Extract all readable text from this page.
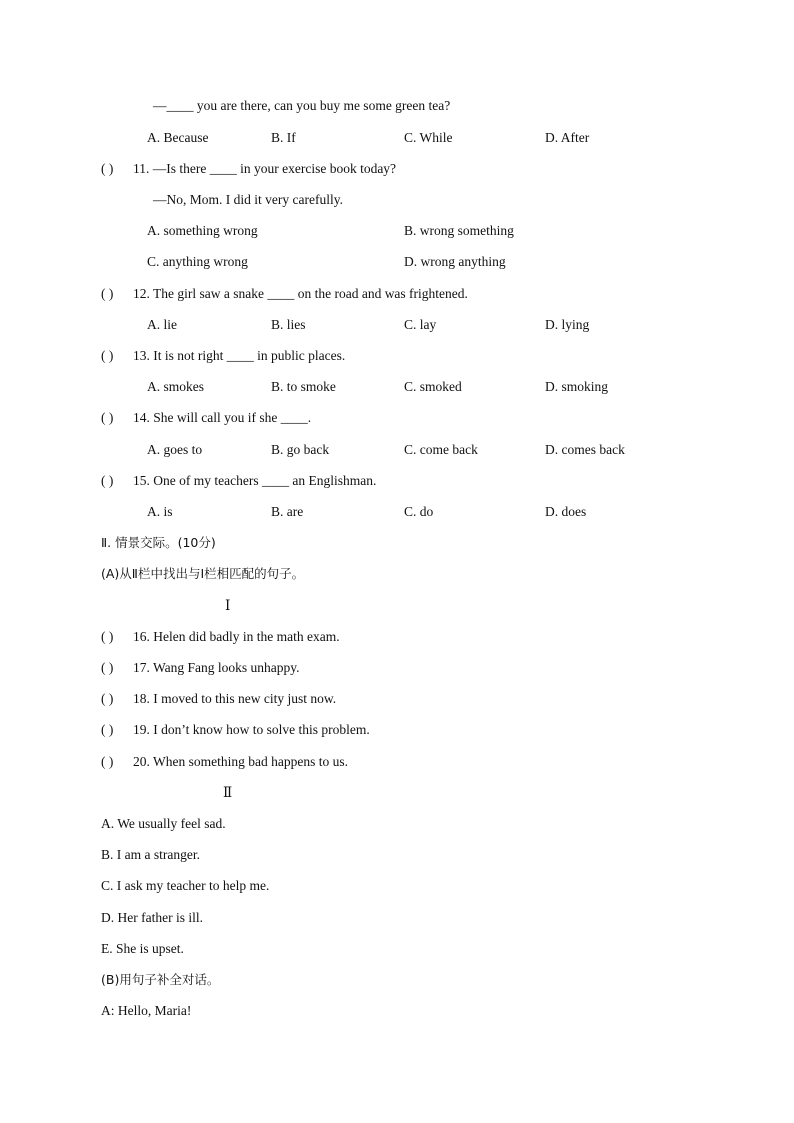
—____ you are there, can you buy me some green tea?
A. Because	B. If	C. While	D. After
( ) 11. —Is there ____ in your exercise book today?
—No, Mom. I did it very carefully.
A. something wrong	B. wrong something
C. anything wrong	D. wrong anything
( ) 12. The girl saw a snake ____ on the road and was frightened.
A. lie	B. lies	C. lay	D. lying
( ) 13. It is not right ____ in public places.
A. smokes	B. to smoke	C. smoked	D. smoking
( ) 14. She will call you if she ____.
A. goes to	B. go back	C. come back	D. comes back
( ) 15. One of my teachers ____ an Englishman.
A. is	B. are	C. do	D. does
Ⅱ. 情景交际。(10分)
(A)从Ⅱ栏中找出与Ⅰ栏相匹配的句子。
Ⅰ
( ) 16. Helen did badly in the math exam.
( ) 17. Wang Fang looks unhappy.
( ) 18. I moved to this new city just now.
( ) 19. I don’t know how to solve this problem.
( ) 20. When something bad happens to us.
Ⅱ
A. We usually feel sad.
B. I am a stranger.
C. I ask my teacher to help me.
D. Her father is ill.
E. She is upset.
(B)用句子补全对话。
A: Hello, Maria!
